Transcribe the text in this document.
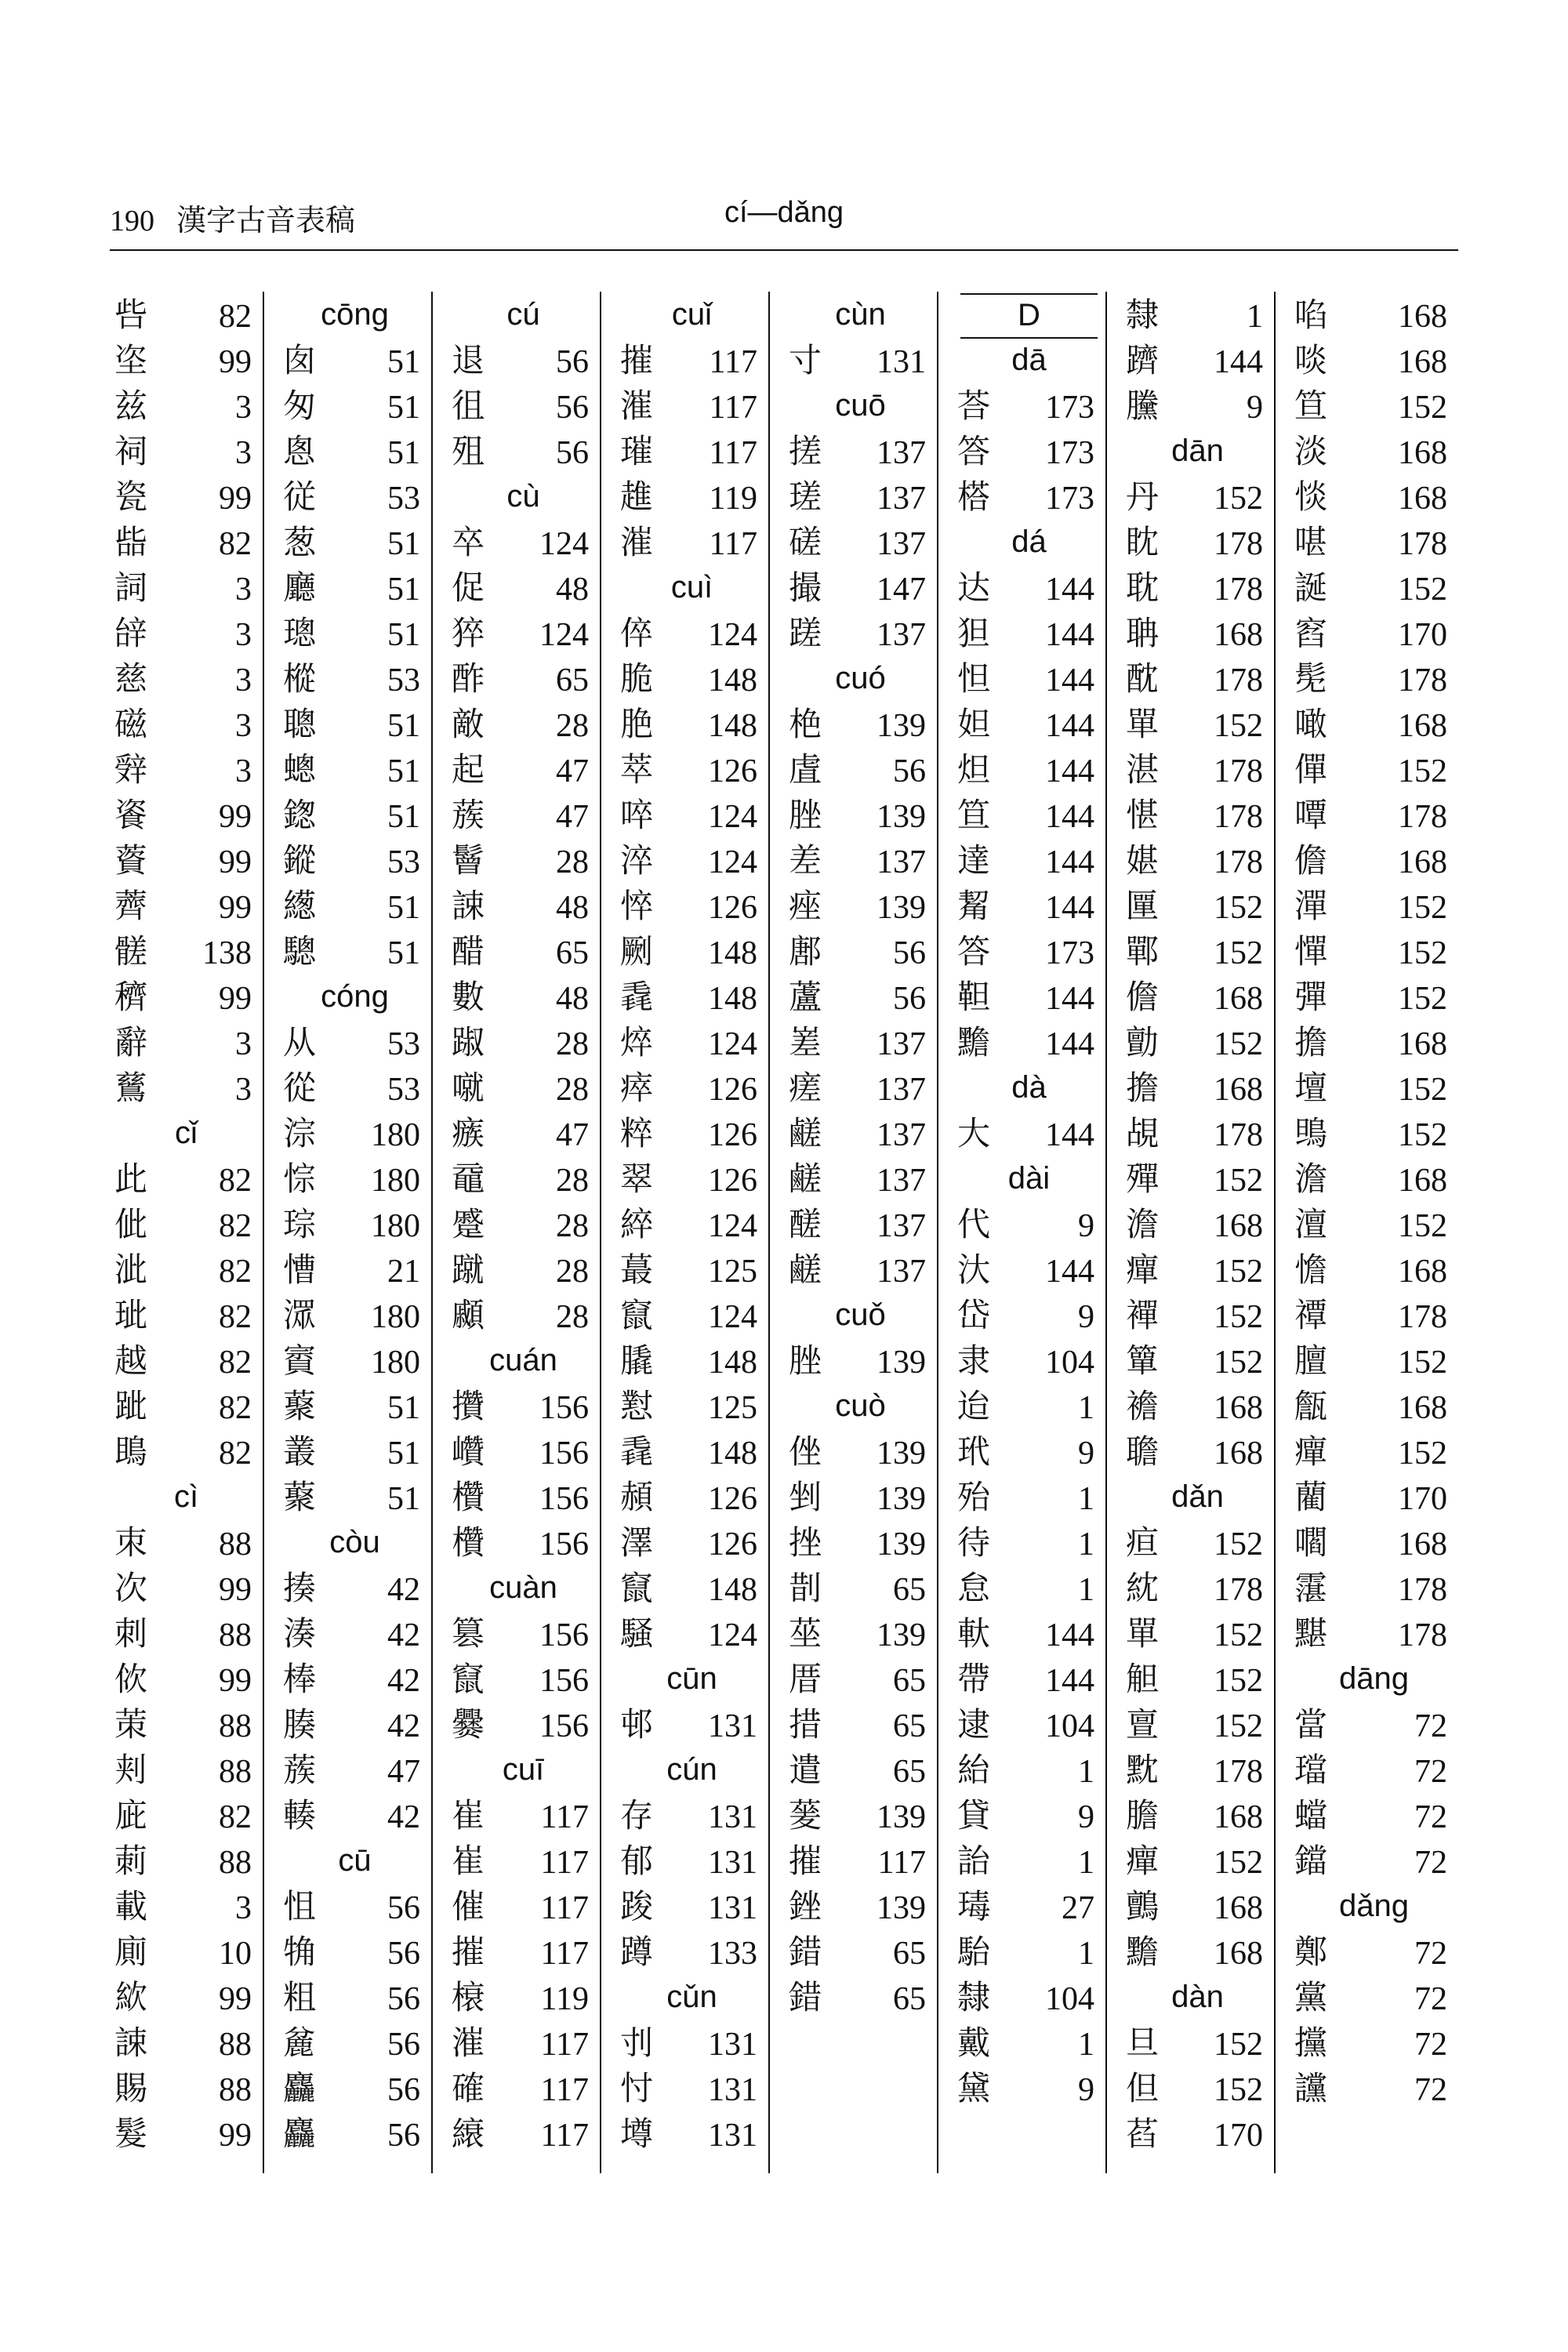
190 漢字古音表稿	cí—dǎng
呰 82
垐 99
兹	3
祠	3
瓷 99
啙 82
詞	3
辝	3
慈	3
磁	3
辤	3
餈 99
薋 99
薺 99
髊 138
穧 99
辭	3
鶿	3
cǐ
此 82
佌 82
泚 82
玼 82
越 82
跐 82
鴡 82
cì
朿 88
次 99
刺 88
佽 99
茦 88
刾 88
庛 82
莿 88
載	3
廁 10
絘 99
誎 88
賜 88
髮 99
cōng
囱 51
匆 51
悤 51
従 53
葱 51
廳 51
璁 51
樅 53
聰 51
蟌 51
鍯 51
鏦 53
繱 51
驄 51
cóng
从 53
從 53
淙 180
悰 180
琮 180
慒 21
潀 180
賨 180
藂 51
叢 51
藂 51
còu
揍 42
湊 42
棒 42
腠 42
蔟 47
輳 42
cū
怚 56
觕 56
粗 56
麄 56
麤 56
麤 56
cú
退 56
徂 56
殂 56
cù
卒 124
促 48
猝 124
酢 65
敵 28
起 47
蔟 47
鬙 28
誎 48
醋 65
數 48
踧 28
噈 28
瘯 47
黿 28
蹙 28
蹴 28
顣 28
cuán
攢 156
巑 156
欑 156
欑 156
cuàn
篡 156
竄 156
爨 156
cuī
崔 117
崔 117
催 117
摧 117
榱 119
漼 117
確 117
縗 117
cuǐ
摧 117
漼 117
璀 117
趡 119
漼 117
cuì
倅 124
脆 148
脃 148
萃 126
啐 124
淬 124
悴 126
劂 148
毳 148
焠 124
瘁 126
粹 126
翠 126
綷 124
蕞 125
竄 124
膬 148
懟 125
毳 148
頳 126
澤 126
竄 148
騒 124
cūn
邨 131
cún
存 131
郁 131
踆 131
蹲 133
cǔn
刌 131
忖 131
墫 131
cùn
寸 131
cuō
搓 137
瑳 137
磋 137
撮 147
蹉 137
cuó
栬 139
虘 56
脞 139
差 137
痤 139
鄌 56
蘆 56
嵳 137
瘥 137
鹺 137
鹺 137
醝 137
鹺 137
cuǒ
脞 139
cuò
侳 139
剉 139
挫 139
剒 65
莝 139
厝 65
措 65
遣 65
蓌 139
摧 117
銼 139
錯 65
錯 65
D
dā
荅 173
答 173
榙 173
dá
达 144
狚 144
怛 144
妲 144
炟 144
笪 144
達 144
觢 144
答 173
靼 144
黵 144
dà
大 144
dài
代	9
汏 144
岱	9
隶 104
迨	1
玳	9
殆	1
待	1
怠	1
軑 144
帶 144
逮 104
紿	1
貸	9
詒	1
瑇 27
駘	1
隸 104
戴	1
黛	9
隸	1
躋 144
黱	9
dān
丹 152
眈 178
耽 178
聃 168
酖 178
單 152
湛 178
愖 178
媅 178
匰 152
鄲 152
儋 168
勯 152
擔 168
覘 178
殫 152
澹 168
癉 152
襌 152
簞 152
襜 168
聸 168
dǎn
疸 152
紞 178
單 152
觛 152
亶 152
黕 178
膽 168
癉 152
鸇 168
黵 168
dàn
旦 152
但 152
萏 170
啗 168
啖 168
笪 152
淡 168
惔 168
啿 178
誕 152
窞 170
髧 178
噉 168
僤 152
嘾 178
儋 168
潬 152
憚 152
彈 152
擔 168
壇 152
鴠 152
澹 168
澶 152
憺 168
禫 178
膻 152
甔 168
癉 152
藺 170
嚪 168
霮 178
黮 178
dāng
當	72
璫	72
蟷	72
鐺	72
dǎng
鄭	72
黨	72
攩	72
讜	72
